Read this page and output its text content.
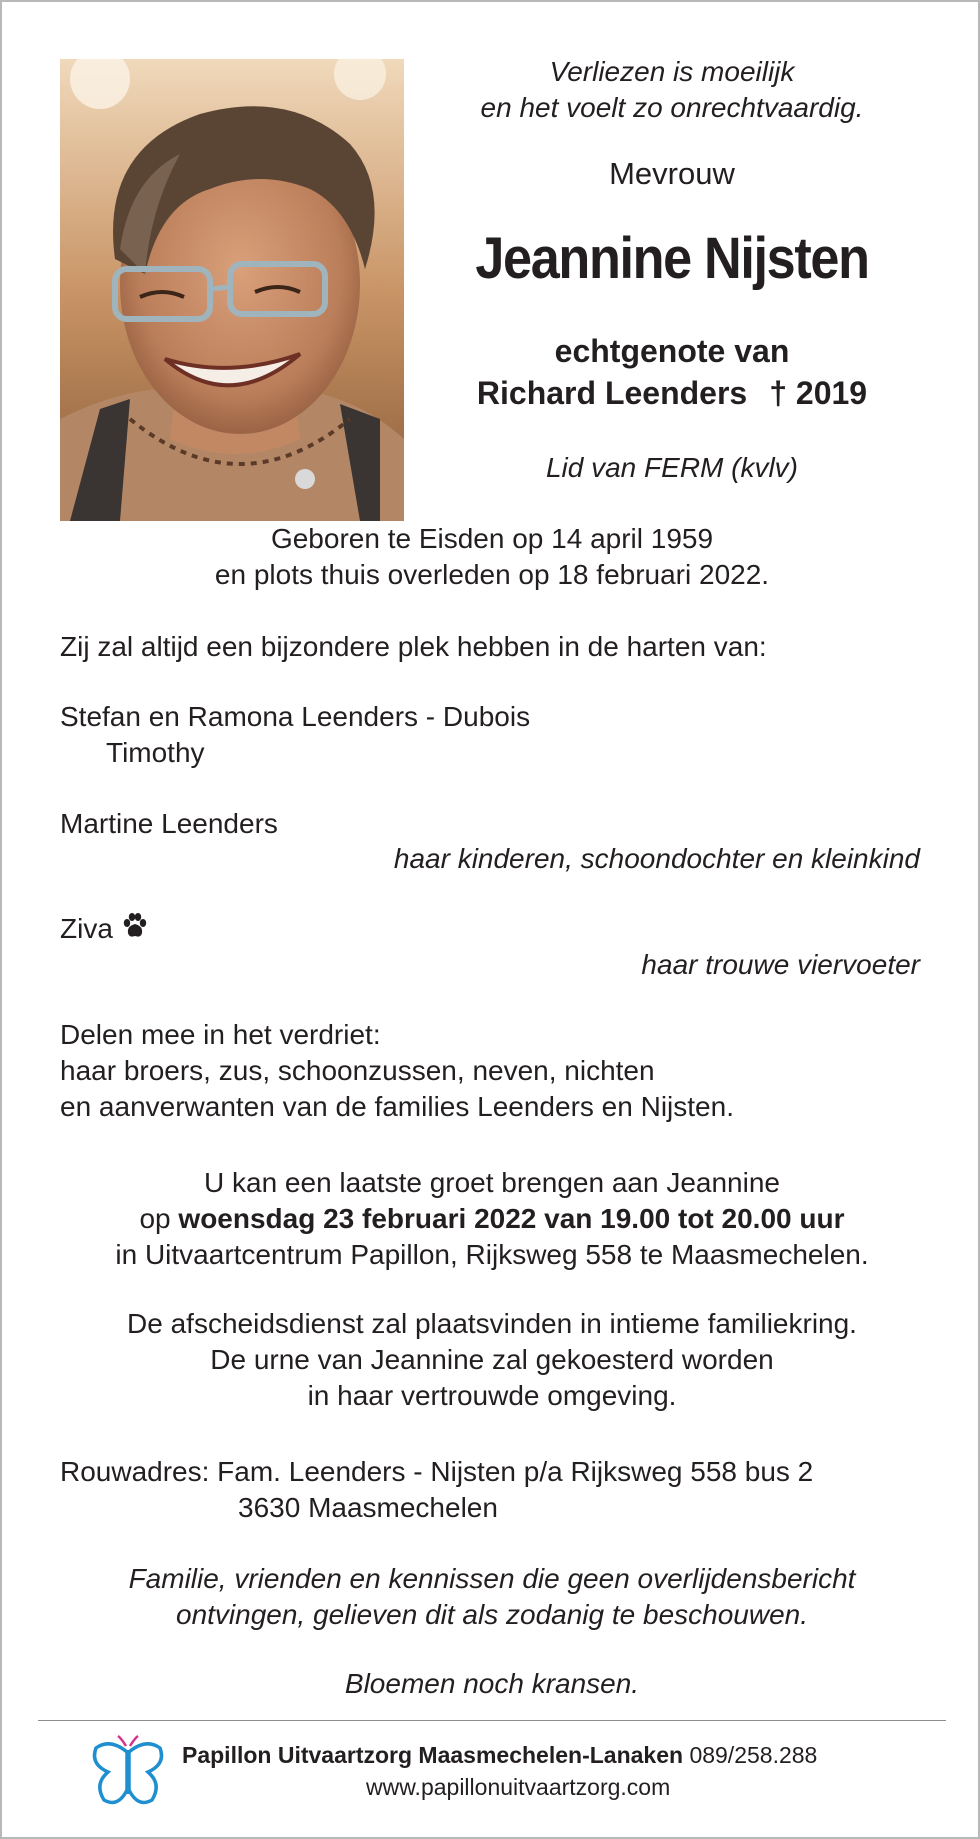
Verliezen is moeilijk
en het voelt zo onrechtvaardig.
Mevrouw
Jeannine Nijsten
echtgenote van
Richard Leenders † 2019
Lid van FERM (kvlv)
Geboren te Eisden op 14 april 1959
en plots thuis overleden op 18 februari 2022.
Zij zal altijd een bijzondere plek hebben in de harten van:
Stefan en Ramona Leenders - Dubois
Timothy
Martine Leenders
haar kinderen, schoondochter en kleinkind
Ziva
haar trouwe viervoeter
Delen mee in het verdriet:
haar broers, zus, schoonzussen, neven, nichten
en aanverwanten van de families Leenders en Nijsten.
U kan een laatste groet brengen aan Jeannine
op woensdag 23 februari 2022 van 19.00 tot 20.00 uur
in Uitvaartcentrum Papillon, Rijksweg 558 te Maasmechelen.
De afscheidsdienst zal plaatsvinden in intieme familiekring.
De urne van Jeannine zal gekoesterd worden
in haar vertrouwde omgeving.
Rouwadres: Fam. Leenders - Nijsten p/a Rijksweg 558 bus 2
3630 Maasmechelen
Familie, vrienden en kennissen die geen overlijdensbericht
ontvingen, gelieven dit als zodanig te beschouwen.
Bloemen noch kransen.
Papillon Uitvaartzorg Maasmechelen-Lanaken 089/258.288
www.papillonuitvaartzorg.com
